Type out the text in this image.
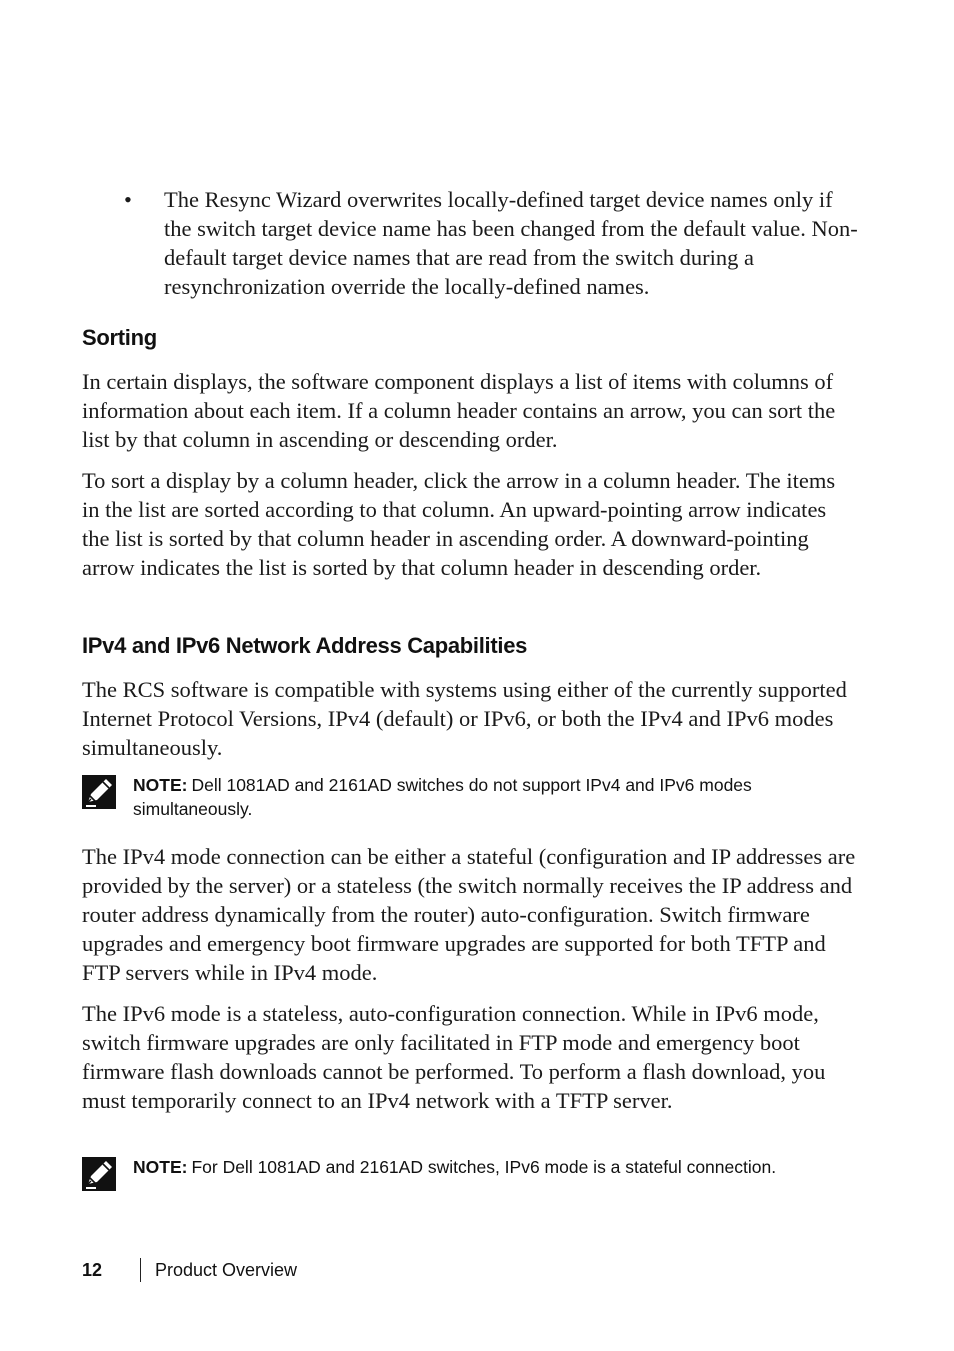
•	The Resync Wizard overwrites locally-defined target device names only if the switch target device name has been changed from the default value. Non-default target device names that are read from the switch during a resynchronization override the locally-defined names.
Sorting

In certain displays, the software component displays a list of items with columns of information about each item. If a column header contains an arrow, you can sort the list by that column in ascending or descending order.

To sort a display by a column header, click the arrow in a column header. The items in the list are sorted according to that column. An upward-pointing arrow indicates the list is sorted by that column header in ascending order. A downward-pointing arrow indicates the list is sorted by that column header in descending order.

IPv4 and IPv6 Network Address Capabilities

The RCS software is compatible with systems using either of the currently supported Internet Protocol Versions, IPv4 (default) or IPv6, or both the IPv4 and IPv6 modes simultaneously.

NOTE: Dell 1081AD and 2161AD switches do not support IPv4 and IPv6 modes simultaneously.

The IPv4 mode connection can be either a stateful (configuration and IP addresses are provided by the server) or a stateless (the switch normally receives the IP address and router address dynamically from the router) auto-configuration. Switch firmware upgrades and emergency boot firmware upgrades are supported for both TFTP and FTP servers while in IPv4 mode.

The IPv6 mode is a stateless, auto-configuration connection. While in IPv6 mode, switch firmware upgrades are only facilitated in FTP mode and emergency boot firmware flash downloads cannot be performed. To perform a flash download, you must temporarily connect to an IPv4 network with a TFTP server.

NOTE: For Dell 1081AD and 2161AD switches, IPv6 mode is a stateful connection.
12	Product Overview
